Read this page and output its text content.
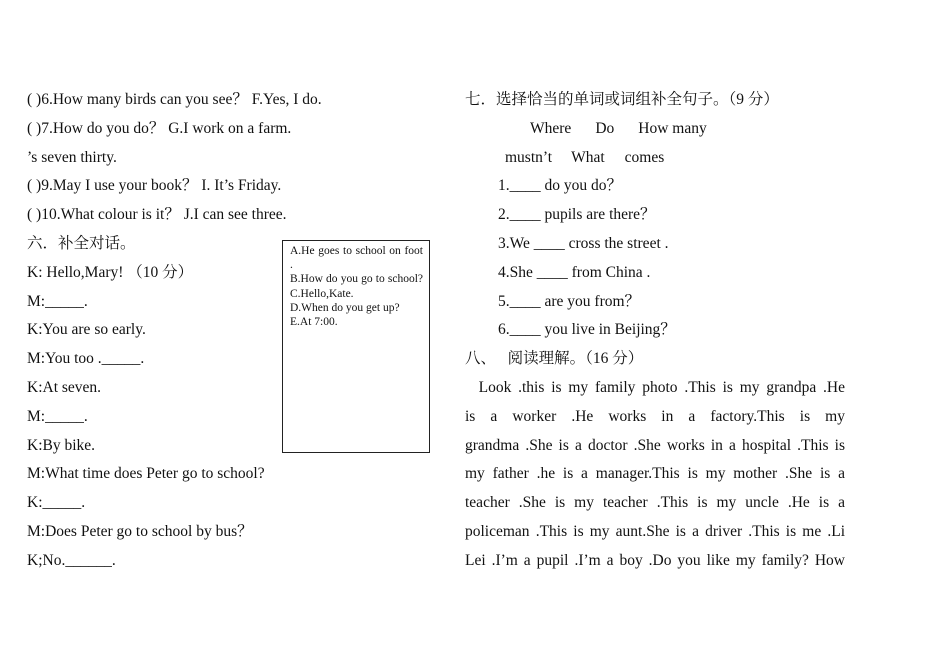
( )6.How many birds can you see？ F.Yes, I do.
( )7.How do you do？ G.I work on a farm.
’s seven thirty.
( )9.May I use your book？ I. It’s Friday.
( )10.What colour is it？ J.I can see three.
六．补全对话。
K: Hello,Mary! （10 分）
M:_____.
K:You are so early.
M:You too ._____.
K:At seven.
M:_____.
K:By bike.
M:What time does Peter go to school?
K:_____.
M:Does Peter go to school by bus？
K;No.______.
A.He goes to school on foot .
B.How do you go to school?
C.Hello,Kate.
D.When do you get up?
E.At 7:00.
七．选择恰当的单词或词组补全句子。（9 分）
Where Do How many
mustn’t What comes
1.____ do you do？
2.____ pupils are there？
3.We ____ cross the street .
4.She ____ from China .
5.____ are you from？
6.____ you live in Beijing？
八、   阅读理解。（16 分）
Look .this is my family photo .This is my grandpa .He
is a worker .He works in a factory.This is my
grandma .She is a doctor .She works in a hospital .This is
my father .he is a manager.This is my mother .She is a
teacher .She is my teacher .This is my uncle .He is a
policeman .This is my aunt.She is a driver .This is me .Li
Lei .I’m a pupil .I’m a boy .Do you like my family? How
